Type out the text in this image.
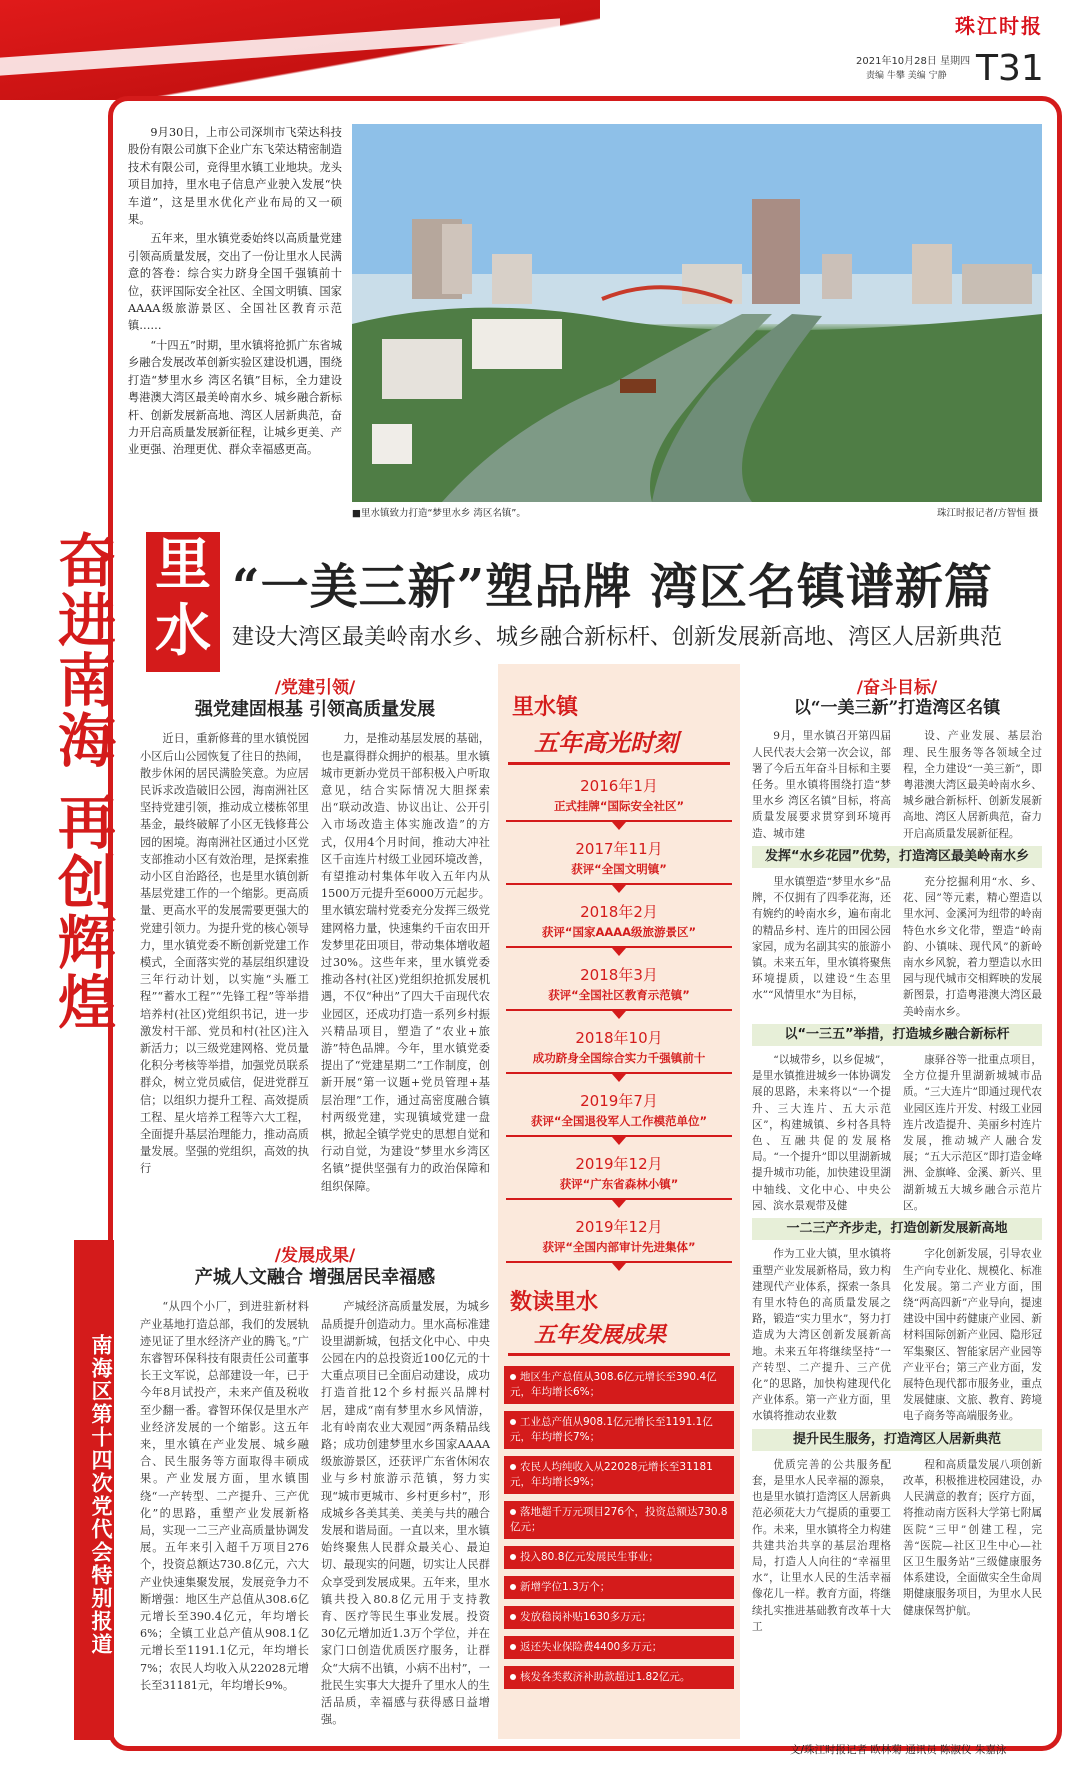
珠江时报
2021年10月28日 星期四
责编 牛攀 美编 宁静 T31
奋进南海 再创辉煌
南海区第十四次党代会特别报道

9月30日，上市公司深圳市飞荣达科技股份有限公司旗下企业广东飞荣达精密制造技术有限公司，竞得里水镇工业地块。龙头项目加持，里水电子信息产业驶入发展“快车道”，这是里水优化产业布局的又一硕果。

五年来，里水镇党委始终以高质量党建引领高质量发展，交出了一份让里水人民满意的答卷：综合实力跻身全国千强镇前十位，获评国际安全社区、全国文明镇、国家AAAA级旅游景区、全国社区教育示范镇……

“十四五”时期，里水镇将抢抓广东省城乡融合发展改革创新实验区建设机遇，围绕打造“梦里水乡 湾区名镇”目标，全力建设粤港澳大湾区最美岭南水乡、城乡融合新标杆、创新发展新高地、湾区人居新典范，奋力开启高质量发展新征程，让城乡更美、产业更强、治理更优、群众幸福感更高。

■里水镇致力打造“梦里水乡 湾区名镇”。	珠江时报记者/方智恒 摄
里水
“一美三新”塑品牌 湾区名镇谱新篇
建设大湾区最美岭南水乡、城乡融合新标杆、创新发展新高地、湾区人居新典范
/党建引领/
强党建固根基 引领高质量发展

近日，重新修葺的里水镇悦园小区后山公园恢复了往日的热闹，散步休闲的居民满脸笑意。为应居民诉求改造破旧公园，海南洲社区坚持党建引领，推动成立楼栋邻里基金，最终破解了小区无钱修葺公园的困境。海南洲社区通过小区党支部推动小区有效治理，是探索推动小区自治路径，也是里水镇创新基层党建工作的一个缩影。更高质量、更高水平的发展需要更强大的党建引领力。为提升党的核心领导力，里水镇党委不断创新党建工作模式，全面落实党的基层组织建设三年行动计划，以实施“头雁工程”“蓄水工程”“先锋工程”等举措培养村(社区)党组织书记，进一步激发村干部、党员和村(社区)注入新活力；以三级党建网格、党员量化积分考核等举措，加强党员联系群众，树立党员威信，促进党群互信；以组织力提升工程、高效提质工程、星火培养工程等六大工程，全面提升基层治理能力，推动高质量发展。坚强的党组织，高效的执行

力，是推动基层发展的基础，也是赢得群众拥护的根基。里水镇城市更新办党员干部积极入户听取意见，结合实际情况大胆探索出“联动改造、协议出让、公开引入市场改造主体实施改造”的方式，仅用4个月时间，推动大冲社区千亩连片村级工业园环境改善，有望推动村集体年收入五年内从1500万元提升至6000万元起步。里水镇宏瑞村党委充分发挥三级党建网格力量，快速集约千亩农田开发梦里花田项目，带动集体增收超过30%。这些年来，里水镇党委推动各村(社区)党组织抢抓发展机遇，不仅“种出”了四大千亩现代农业园区，还成功打造一系列乡村振兴精品项目，塑造了“农业+旅游”特色品牌。今年，里水镇党委提出了“党建星期二”工作制度，创新开展“第一议题+党员管理+基层治理”工作，通过高密度融合镇村两级党建，实现镇域党建一盘棋，掀起全镇学党史的思想自觉和行动自觉，为建设“梦里水乡湾区名镇”提供坚强有力的政治保障和组织保障。

/发展成果/
产城人文融合 增强居民幸福感

“从四个小厂，到进驻新材料产业基地打造总部，我们的发展轨迹见证了里水经济产业的腾飞。”广东睿智环保科技有限责任公司董事长王文军说，总部建设一年，已于今年8月试投产，未来产值及税收至少翻一番。睿智环保仅是里水产业经济发展的一个缩影。这五年来，里水镇在产业发展、城乡融合、民生服务等方面取得丰硕成果。产业发展方面，里水镇围绕“一产转型、二产提升、三产优化”的思路，重塑产业发展新格局，实现一二三产业高质量协调发展。五年来引入超千万项目276个，投资总额达730.8亿元，六大产业快速集聚发展，发展竞争力不断增强：地区生产总值从308.6亿元增长至390.4亿元，年均增长6%；全镇工业总产值从908.1亿元增长至1191.1亿元，年均增长7%；农民人均收入从22028元增长至31181元，年均增长9%。

产城经济高质量发展，为城乡品质提升创造动力。里水高标准建设里湖新城，包括文化中心、中央公园在内的总投资近100亿元的十大重点项目已全面启动建设，成功打造首批12个乡村振兴品牌村居，建成“南有梦里水乡风情游，北有岭南农业大观园”两条精品线路；成功创建梦里水乡国家AAAA级旅游景区，还获评广东省休闲农业与乡村旅游示范镇，努力实现“城市更城市、乡村更乡村”，形成城乡各美其美、美美与共的融合发展和谐局面。一直以来，里水镇始终聚焦人民群众最关心、最迫切、最现实的问题，切实让人民群众享受到发展成果。五年来，里水镇共投入80.8亿元用于支持教育、医疗等民生事业发展。投资30亿元增加近1.3万个学位，并在家门口创造优质医疗服务，让群众“大病不出镇，小病不出村”，一批民生实事大大提升了里水人的生活品质，幸福感与获得感日益增强。

里水镇
五年高光时刻
2016年1月
正式挂牌“国际安全社区”
2017年11月
获评“全国文明镇”
2018年2月
获评“国家AAAA级旅游景区”
2018年3月
获评“全国社区教育示范镇”
2018年10月
成功跻身全国综合实力千强镇前十
2019年7月
获评“全国退役军人工作模范单位”
2019年12月
获评“广东省森林小镇”
2019年12月
获评“全国内部审计先进集体”
数读里水
五年发展成果
地区生产总值从308.6亿元增长至390.4亿元，年均增长6%；
工业总产值从908.1亿元增长至1191.1亿元，年均增长7%；
农民人均纯收入从22028元增长至31181元，年均增长9%；
落地超千万元项目276个，投资总额达730.8亿元；
投入80.8亿元发展民生事业；
新增学位1.3万个；
发放稳岗补贴1630多万元；
返还失业保险费4400多万元；
核发各类救济补助款超过1.82亿元。
/奋斗目标/
以“一美三新”打造湾区名镇

9月，里水镇召开第四届人民代表大会第一次会议，部署了今后五年奋斗目标和主要任务。里水镇将围绕打造“梦里水乡 湾区名镇”目标，将高质量发展要求贯穿到环境再造、城市建

设、产业发展、基层治理、民生服务等各领域全过程，全力建设“一美三新”，即粤港澳大湾区最美岭南水乡、城乡融合新标杆、创新发展新高地、湾区人居新典范，奋力开启高质量发展新征程。

发挥“水乡花园”优势，打造湾区最美岭南水乡

里水镇塑造“梦里水乡”品牌，不仅拥有了四季花海，还有婉约的岭南水乡，遍布南北的精品乡村、连片的田园公园家园，成为名副其实的旅游小镇。未来五年，里水镇将聚焦环境提质，以建设“生态里水”“风情里水”为目标，

充分挖掘利用“水、乡、花、园”等元素，精心塑造以里水河、金溪河为纽带的岭南特色水乡文化带，塑造“岭南韵、小镇味、现代风”的新岭南水乡风貌，着力塑造以水田园与现代城市交相辉映的发展新图景，打造粤港澳大湾区最美岭南水乡。

以“一三五”举措，打造城乡融合新标杆

“以城带乡，以乡促城”，是里水镇推进城乡一体协调发展的思路，未来将以“一个提升、三大连片、五大示范区”，构建城镇、乡村各具特色、互融共促的发展格局。“一个提升”即以里湖新城提升城市功能，加快建设里湖中轴线、文化中心、中央公园、滨水景观带及健

康驿谷等一批重点项目，全方位提升里湖新城城市品质。“三大连片”即通过现代农业园区连片开发、村级工业园连片改造提升、美丽乡村连片发展，推动城产人融合发展；“五大示范区”即打造金峰洲、金旗峰、金溪、新兴、里湖新城五大城乡融合示范片区。

一二三产齐步走，打造创新发展新高地

作为工业大镇，里水镇将重塑产业发展新格局，致力构建现代产业体系，探索一条具有里水特色的高质量发展之路，锻造“实力里水”，努力打造成为大湾区创新发展新高地。未来五年将继续坚持“一产转型、二产提升、三产优化”的思路，加快构建现代化产业体系。第一产业方面，里水镇将推动农业数

字化创新发展，引导农业生产向专业化、规模化、标准化发展。第二产业方面，围绕“两高四新”产业导向，提速建设中国中药健康产业园、新材料国际创新产业园、隐形冠军集聚区、智能家居产业园等产业平台；第三产业方面，发展特色现代都市服务业，重点发展健康、文旅、教育、跨境电子商务等高端服务业。

提升民生服务，打造湾区人居新典范

优质完善的公共服务配套，是里水人民幸福的源泉，也是里水镇打造湾区人居新典范必须花大力气提质的重要工作。未来，里水镇将全力构建共建共治共享的基层治理格局，打造人人向往的“幸福里水”，让里水人民的生活幸福像花儿一样。教育方面，将继续扎实推进基础教育改革十大工

程和高质量发展八项创新改革，积极推进校园建设，办人民满意的教育；医疗方面，将推动南方医科大学第七附属医院“三甲”创建工程，完善“医院—社区卫生中心—社区卫生服务站”三级健康服务体系建设，全面做实全生命周期健康服务项目，为里水人民健康保驾护航。

文/珠江时报记者 欧林菊 通讯员 陈淑仪 朱嘉泳
